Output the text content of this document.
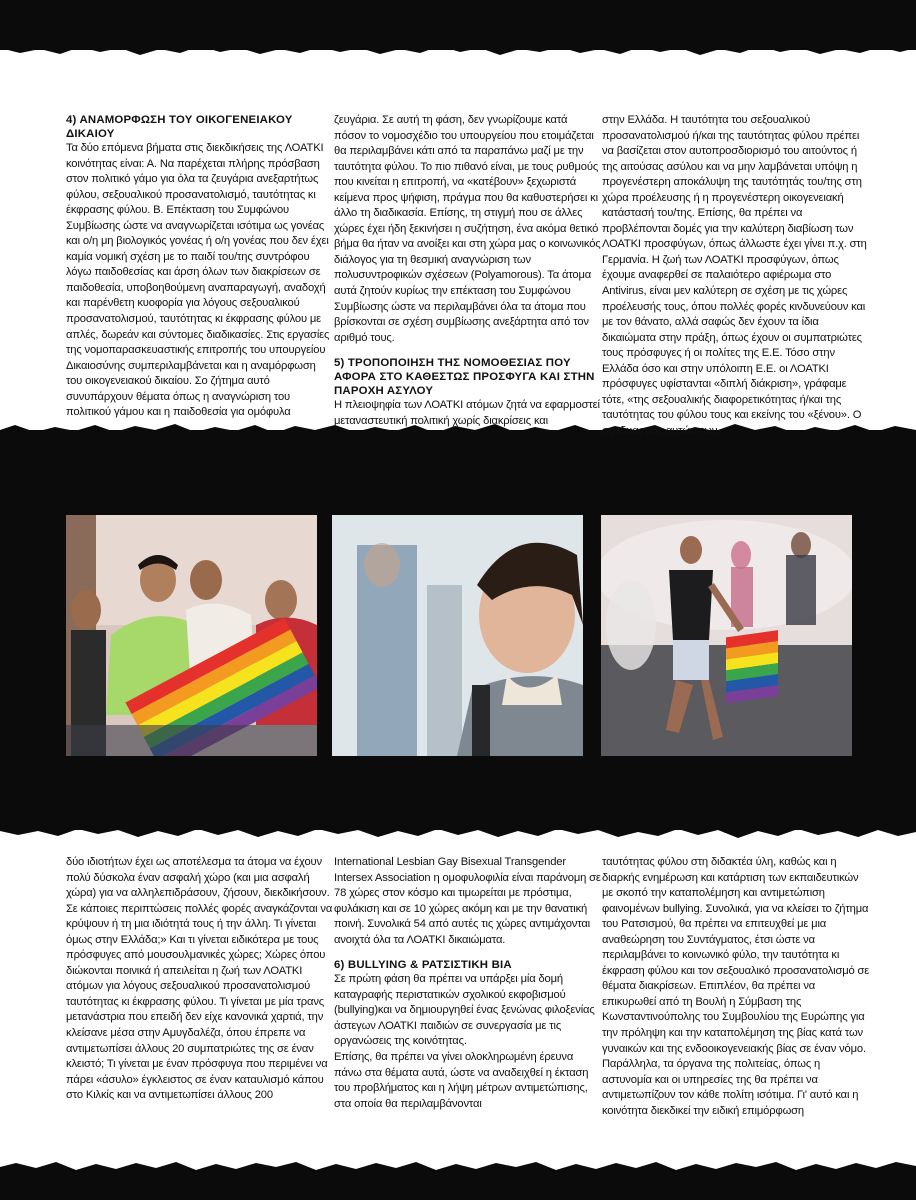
4) ΑΝΑΜΟΡΦΩΣΗ ΤΟΥ ΟΙΚΟΓΕΝΕΙΑΚΟΥ ΔΙΚΑΙΟΥ

Τα δύο επόμενα βήματα στις διεκδικήσεις της ΛΟΑΤΚΙ κοινότητας είναι: Α. Να παρέχεται πλήρης πρόσβαση στον πολιτικό γάμο για όλα τα ζευγάρια ανεξαρτήτως φύλου, σεξουαλικού προσανατολισμό, ταυτότητας κι έκφρασης φύλου. Β. Επέκταση του Συμφώνου Συμβίωσης ώστε να αναγνωρίζεται ισότιμα ως γονέας και ο/η μη βιολογικός γονέας ή ο/η γονέας που δεν έχει καμία νομική σχέση με το παιδί του/της συντρόφου λόγω παιδοθεσίας και άρση όλων των διακρίσεων σε παιδοθεσία, υποβοηθούμενη αναπαραγωγή, αναδοχή και παρένθετη κυοφορία για λόγους σεξουαλικού προσανατολισμού, ταυτότητας κι έκφρασης φύλου με απλές, δωρεάν και σύντομες διαδικασίες. Στις εργασίες της νομοπαρασκευαστικής επιτροπής του υπουργείου Δικαιοσύνης συμπεριλαμβάνεται και η αναμόρφωση του οικογενειακού δικαίου. Σο ζήτημα αυτό συνυπάρχουν θέματα όπως η αναγνώριση του πολιτικού γάμου και η παιδοθεσία για ομόφυλα

ζευγάρια. Σε αυτή τη φάση, δεν γνωρίζουμε κατά πόσον το νομοσχέδιο του υπουργείου που ετοιμάζεται θα περιλαμβάνει κάτι από τα παραπάνω μαζί με την ταυτότητα φύλου. Το πιο πιθανό είναι, με τους ρυθμούς που κινείται η επιτροπή, να «κατέβουν» ξεχωριστά κείμενα προς ψήφιση, πράγμα που θα καθυστερήσει κι άλλο τη διαδικασία. Επίσης, τη στιγμή που σε άλλες χώρες έχει ήδη ξεκινήσει η συζήτηση, ένα ακόμα θετικό βήμα θα ήταν να ανοίξει και στη χώρα μας ο κοινωνικός διάλογος για τη θεσμική αναγνώριση των πολυσυντροφικών σχέσεων (Polyamorous). Τα άτομα αυτά ζητούν κυρίως την επέκταση του Συμφώνου Συμβίωσης ώστε να περιλαμβάνει όλα τα άτομα που βρίσκονται σε σχέση συμβίωσης ανεξάρτητα από τον αριθμό τους.

5) ΤΡΟΠΟΠΟΙΗΣΗ ΤΗΣ ΝΟΜΟΘΕΣΙΑΣ ΠΟΥ ΑΦΟΡΑ ΣΤΟ ΚΑΘΕΣΤΩΣ ΠΡΟΣΦΥΓΑ ΚΑΙ ΣΤΗΝ ΠΑΡΟΧΗ ΑΣΥΛΟΥ

Η πλειοψηφία των ΛΟΑΤΚΙ ατόμων ζητά να εφαρμοστεί μεταναστευτική πολιτική χωρίς διακρίσεις και

στην Ελλάδα. Η ταυτότητα του σεξουαλικού προσανατολισμού ή/και της ταυτότητας φύλου πρέπει να βασίζεται στον αυτοπροσδιορισμό του αιτούντος ή της αιτούσας ασύλου και να μην λαμβάνεται υπόψη η προγενέστερη αποκάλυψη της ταυτότητάς του/της στη χώρα προέλευσης ή η προγενέστερη οικογενειακή κατάστασή του/της. Επίσης, θα πρέπει να προβλέπονται δομές για την καλύτερη διαβίωση των ΛΟΑΤΚΙ προσφύγων, όπως άλλωστε έχει γίνει π.χ. στη Γερμανία. Η ζωή των ΛΟΑΤΚΙ προσφύγων, όπως έχουμε αναφερθεί σε παλαιότερο αφιέρωμα στο Antivirus, είναι μεν καλύτερη σε σχέση με τις χώρες προέλευσής τους, όπου πολλές φορές κινδυνεύουν και με τον θάνατο, αλλά σαφώς δεν έχουν τα ίδια δικαιώματα στην πράξη, όπως έχουν οι συμπατριώτες τους πρόσφυγες ή οι πολίτες της Ε.Ε. Τόσο στην Ελλάδα όσο και στην υπόλοιπη Ε.Ε. οι ΛΟΑΤΚΙ πρόσφυγες υφίστανται «διπλή διάκριση», γράφαμε τότε, «της σεξουαλικής διαφορετικότητας ή/και της ταυτότητας του φύλου τους και εκείνης του «ξένου». Ο συνδυασμός αυτών των

δύο ιδιοτήτων έχει ως αποτέλεσμα τα άτομα να έχουν πολύ δύσκολα έναν ασφαλή χώρο (και μια ασφαλή χώρα) για να αλληλεπιδράσουν, ζήσουν, διεκδικήσουν. Σε κάποιες περιπτώσεις πολλές φορές αναγκάζονται να κρύψουν ή τη μια ιδιότητά τους ή την άλλη. Τι γίνεται όμως στην Ελλάδα;» Και τι γίνεται ειδικότερα με τους πρόσφυγες από μουσουλμανικές χώρες; Χώρες όπου διώκονται ποινικά ή απειλείται η ζωή των ΛΟΑΤΚΙ ατόμων για λόγους σεξουαλικού προσανατολισμού ταυτότητας κι έκφρασης φύλου. Τι γίνεται με μία τρανς μετανάστρια που επειδή δεν είχε κανονικά χαρτιά, την κλείσανε μέσα στην Αμυγδαλέζα, όπου έπρεπε να αντιμετωπίσει άλλους 20 συμπατριώτες της σε έναν κλειστό; Τι γίνεται με έναν πρόσφυγα που περιμένει να πάρει «άσυλο» έγκλειστος σε έναν καταυλισμό κάπου στο Κιλκίς και να αντιμετωπίσει άλλους 200

International Lesbian Gay Bisexual Transgender Intersex Association η ομοφυλοφιλία είναι παράνομη σε 78 χώρες στον κόσμο και τιμωρείται με πρόστιμα, φυλάκιση και σε 10 χώρες ακόμη και με την θανατική ποινή. Συνολικά 54 από αυτές τις χώρες αντιμάχονται ανοιχτά όλα τα ΛΟΑΤΚΙ δικαιώματα.

6) BULLYING & ΡΑΤΣΙΣΤΙΚΗ ΒΙΑ

Σε πρώτη φάση θα πρέπει να υπάρξει μία δομή καταγραφής περιστατικών σχολικού εκφοβισμού (bullying)και να δημιουργηθεί ένας ξενώνας φιλοξενίας άστεγων ΛΟΑΤΚΙ παιδιών σε συνεργασία με τις οργανώσεις της κοινότητας.

Επίσης, θα πρέπει να γίνει ολοκληρωμένη έρευνα πάνω στα θέματα αυτά, ώστε να αναδειχθεί η έκταση του προβλήματος και η λήψη μέτρων αντιμετώπισης, στα οποία θα περιλαμβάνονται

ταυτότητας φύλου στη διδακτέα ύλη, καθώς και η διαρκής ενημέρωση και κατάρτιση των εκπαιδευτικών με σκοπό την καταπολέμηση και αντιμετώπιση φαινομένων bullying. Συνολικά, για να κλείσει το ζήτημα του Ρατσισμού, θα πρέπει να επιτευχθεί με μια αναθεώρηση του Συντάγματος, έτσι ώστε να περιλαμβάνει το κοινωνικό φύλο, την ταυτότητα κι έκφραση φύλου και τον σεξουαλικό προσανατολισμό σε θέματα διακρίσεων. Επιπλέον, θα πρέπει να επικυρωθεί από τη Βουλή η Σύμβαση της Κωνσταντινούπολης του Συμβουλίου της Ευρώπης για την πρόληψη και την καταπολέμηση της βίας κατά των γυναικών και της ενδοοικογενειακής βίας σε έναν νόμο. Παράλληλα, τα όργανα της πολιτείας, όπως η αστυνομία και οι υπηρεσίες της θα πρέπει να αντιμετωπίζουν τον κάθε πολίτη ισότιμα. Γι' αυτό και η κοινότητα διεκδικεί την ειδική επιμόρφωση
